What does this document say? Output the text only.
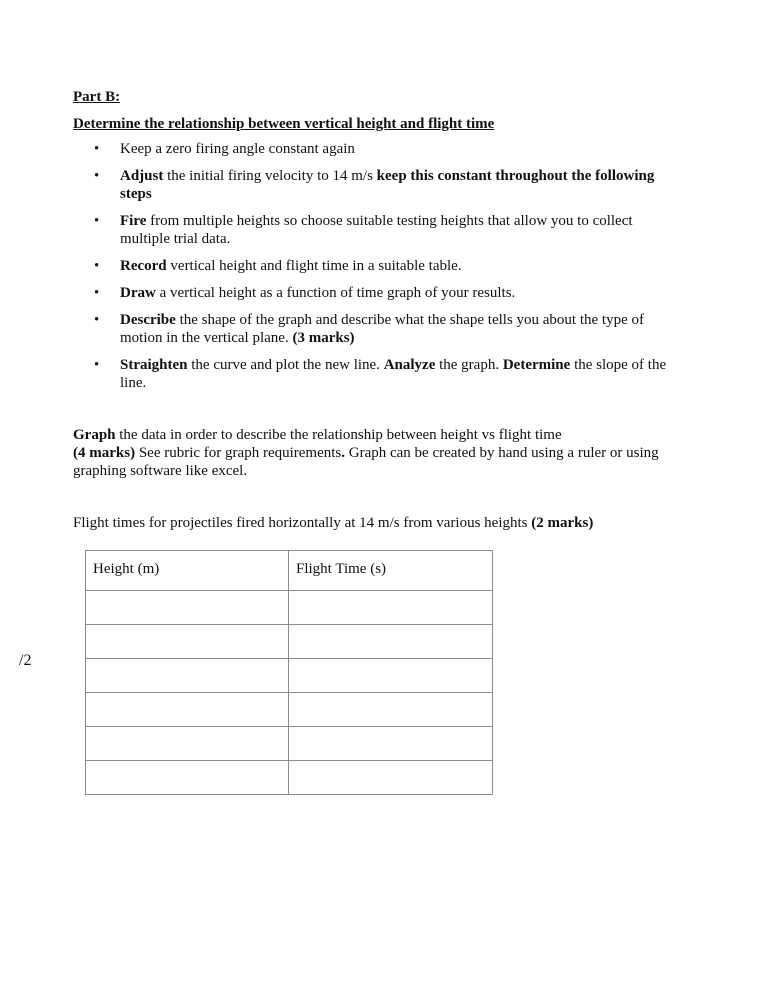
Part B:
Determine the relationship between vertical height and flight time
• Keep a zero firing angle constant again
• Adjust the initial firing velocity to 14 m/s keep this constant throughout the following steps
• Fire from multiple heights so choose suitable testing heights that allow you to collect multiple trial data.
• Record vertical height and flight time in a suitable table.
• Draw a vertical height as a function of time graph of your results.
• Describe the shape of the graph and describe what the shape tells you about the type of motion in the vertical plane. (3 marks)
• Straighten the curve and plot the new line. Analyze the graph. Determine the slope of the line.
Graph the data in order to describe the relationship between height vs flight time
(4 marks) See rubric for graph requirements. Graph can be created by hand using a ruler or using graphing software like excel.
Flight times for projectiles fired horizontally at 14 m/s from various heights (2 marks)
/2
Height (m)	Flight Time (s)
